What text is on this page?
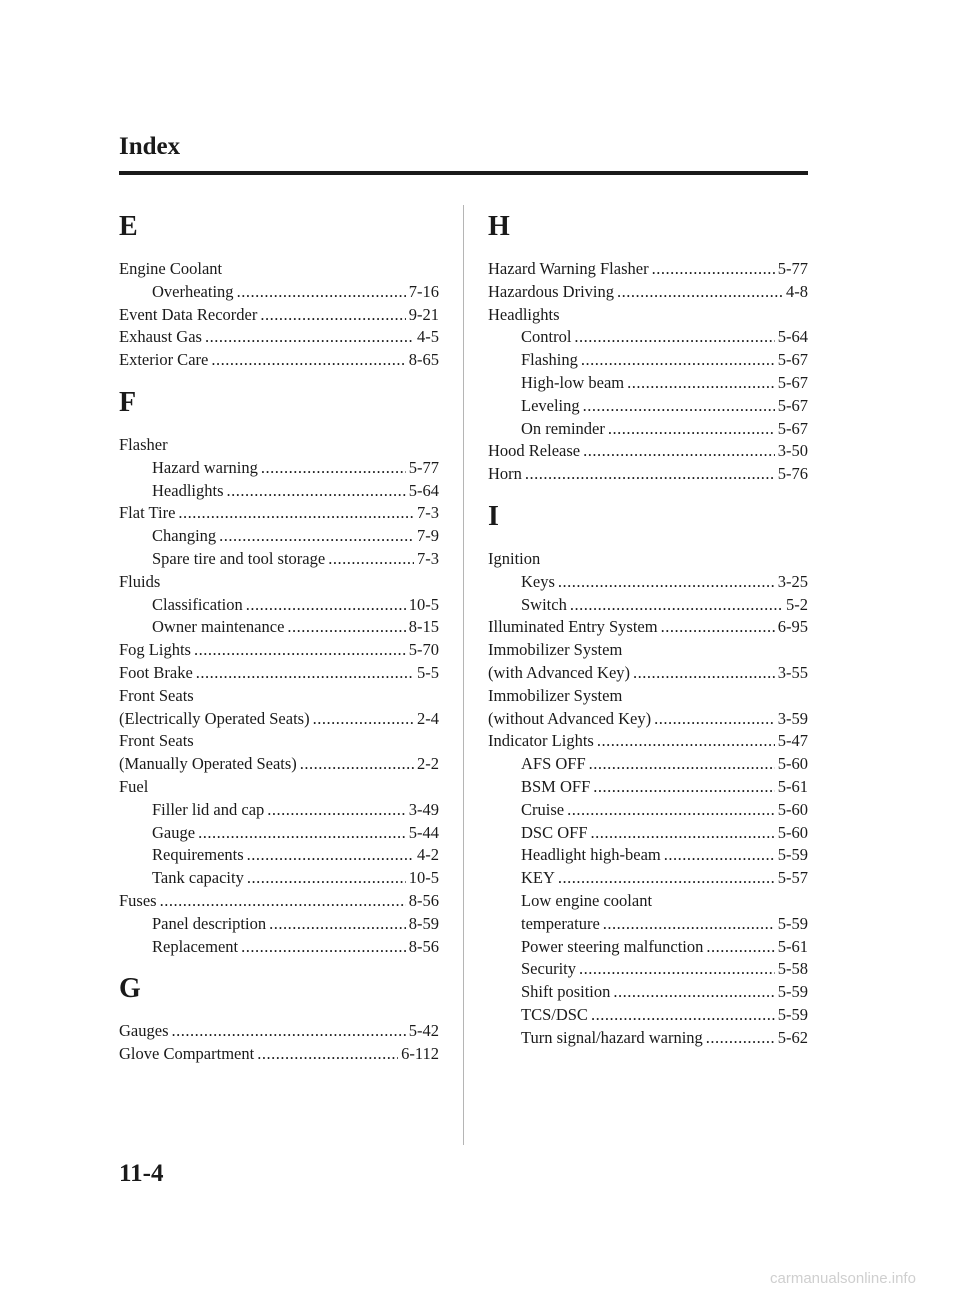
Index
E
Engine Coolant
Overheating .....	7-16
Event Data Recorder .....	9-21
Exhaust Gas .....	4-5
Exterior Care .....	8-65
F
Flasher
Hazard warning .....	5-77
Headlights .....	5-64
Flat Tire .....	7-3
Changing .....	7-9
Spare tire and tool storage .....	7-3
Fluids
Classification .....	10-5
Owner maintenance .....	8-15
Fog Lights .....	5-70
Foot Brake .....	5-5
Front Seats
(Electrically Operated Seats) .....	2-4
Front Seats
(Manually Operated Seats) .....	2-2
Fuel
Filler lid and cap .....	3-49
Gauge .....	5-44
Requirements .....	4-2
Tank capacity .....	10-5
Fuses .....	8-56
Panel description .....	8-59
Replacement .....	8-56
G
Gauges .....	5-42
Glove Compartment .....	6-112
H
Hazard Warning Flasher .....	5-77
Hazardous Driving .....	4-8
Headlights
Control .....	5-64
Flashing .....	5-67
High-low beam .....	5-67
Leveling .....	5-67
On reminder .....	5-67
Hood Release .....	3-50
Horn .....	5-76
I
Ignition
Keys .....	3-25
Switch .....	5-2
Illuminated Entry System .....	6-95
Immobilizer System
(with Advanced Key) .....	3-55
Immobilizer System
(without Advanced Key) .....	3-59
Indicator Lights .....	5-47
AFS OFF .....	5-60
BSM OFF .....	5-61
Cruise .....	5-60
DSC OFF .....	5-60
Headlight high-beam .....	5-59
KEY .....	5-57
Low engine coolant
temperature .....	5-59
Power steering malfunction .....	5-61
Security .....	5-58
Shift position .....	5-59
TCS/DSC .....	5-59
Turn signal/hazard warning .....	5-62
11-4
carmanualsonline.info
